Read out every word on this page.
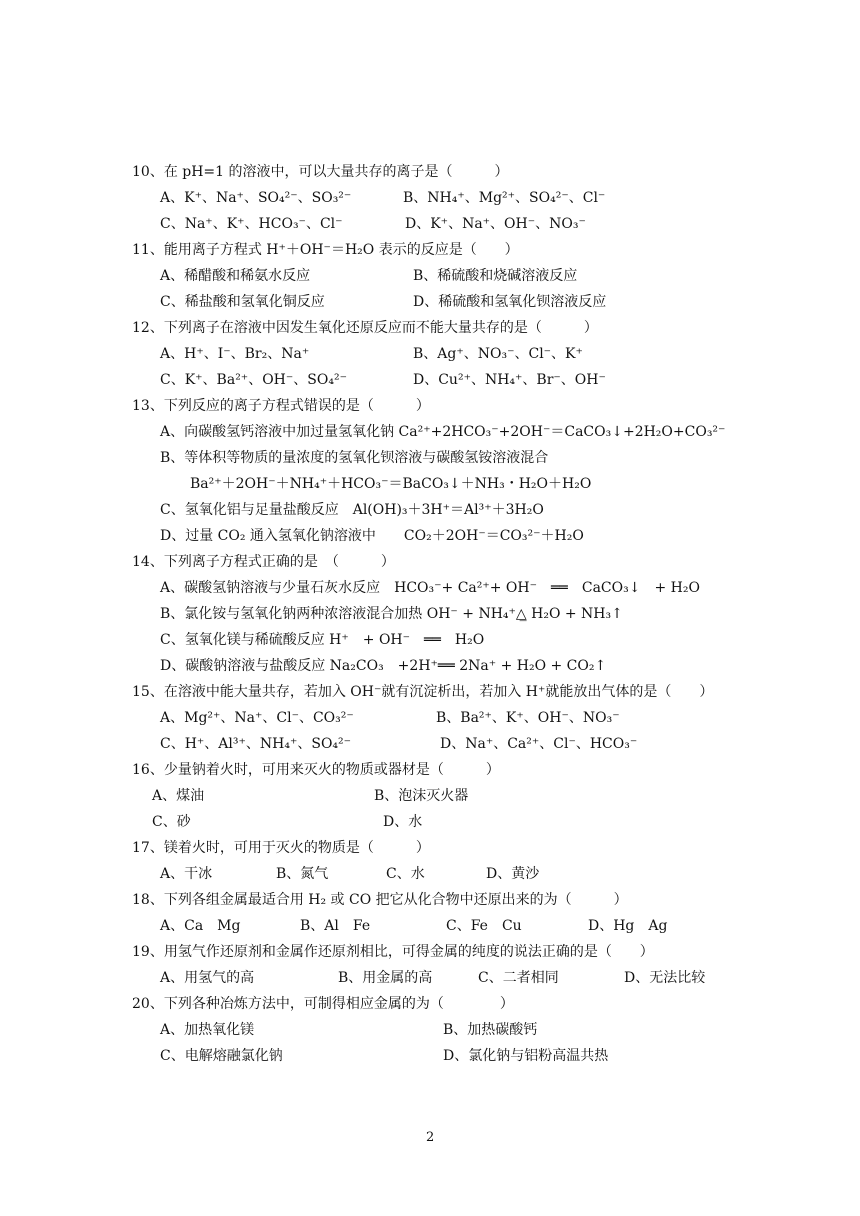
10、在 pH=1 的溶液中，可以大量共存的离子是（　　　）
A、K⁺、Na⁺、SO₄²⁻、SO₃²⁻	B、NH₄⁺、Mg²⁺、SO₄²⁻、Cl⁻
C、Na⁺、K⁺、HCO₃⁻、Cl⁻	D、K⁺、Na⁺、OH⁻、NO₃⁻
11、能用离子方程式 H⁺＋OH⁻＝H₂O 表示的反应是（　　）
A、稀醋酸和稀氨水反应	B、稀硫酸和烧碱溶液反应
C、稀盐酸和氢氧化铜反应	D、稀硫酸和氢氧化钡溶液反应
12、下列离子在溶液中因发生氧化还原反应而不能大量共存的是（　　　）
A、H⁺、I⁻、Br₂、Na⁺	B、Ag⁺、NO₃⁻、Cl⁻、K⁺
C、K⁺、Ba²⁺、OH⁻、SO₄²⁻	D、Cu²⁺、NH₄⁺、Br⁻、OH⁻
13、下列反应的离子方程式错误的是（　　　）
A、向碳酸氢钙溶液中加过量氢氧化钠 Ca²⁺+2HCO₃⁻+2OH⁻＝CaCO₃↓+2H₂O+CO₃²⁻
B、等体积等物质的量浓度的氢氧化钡溶液与碳酸氢铵溶液混合
Ba²⁺＋2OH⁻＋NH₄⁺＋HCO₃⁻＝BaCO₃↓＋NH₃・H₂O＋H₂O
C、氢氧化铝与足量盐酸反应　Al(OH)₃＋3H⁺＝Al³⁺＋3H₂O
D、过量 CO₂ 通入氢氧化钠溶液中　　CO₂＋2OH⁻＝CO₃²⁻＋H₂O
14、下列离子方程式正确的是　（　　　）
A、碳酸氢钠溶液与少量石灰水反应　HCO₃⁻+ Ca²⁺+ OH⁻　══　CaCO₃↓　+ H₂O
B、氯化铵与氢氧化钠两种浓溶液混合加热 OH⁻ + NH₄⁺△̲ H₂O + NH₃↑
C、氢氧化镁与稀硫酸反应 H⁺　+ OH⁻　══　H₂O
D、碳酸钠溶液与盐酸反应 Na₂CO₃　+2H⁺══ 2Na⁺ + H₂O + CO₂↑
15、在溶液中能大量共存，若加入 OH⁻就有沉淀析出，若加入 H⁺就能放出气体的是（　　）
A、Mg²⁺、Na⁺、Cl⁻、CO₃²⁻	B、Ba²⁺、K⁺、OH⁻、NO₃⁻
C、H⁺、Al³⁺、NH₄⁺、SO₄²⁻	D、Na⁺、Ca²⁺、Cl⁻、HCO₃⁻
16、少量钠着火时，可用来灭火的物质或器材是（　　　）
A、煤油	B、泡沫灭火器
C、砂	D、水
17、镁着火时，可用于灭火的物质是（　　　）
A、干冰	B、氮气	C、水	D、黄沙
18、下列各组金属最适合用 H₂ 或 CO 把它从化合物中还原出来的为（　　　）
A、Ca　Mg	B、Al　Fe	C、Fe　Cu	D、Hg　Ag
19、用氢气作还原剂和金属作还原剂相比，可得金属的纯度的说法正确的是（　　）
A、用氢气的高	B、用金属的高	C、二者相同	D、无法比较
20、下列各种冶炼方法中，可制得相应金属的为（　　　　）
A、加热氧化镁	B、加热碳酸钙
C、电解熔融氯化钠	D、氯化钠与铝粉高温共热
2
